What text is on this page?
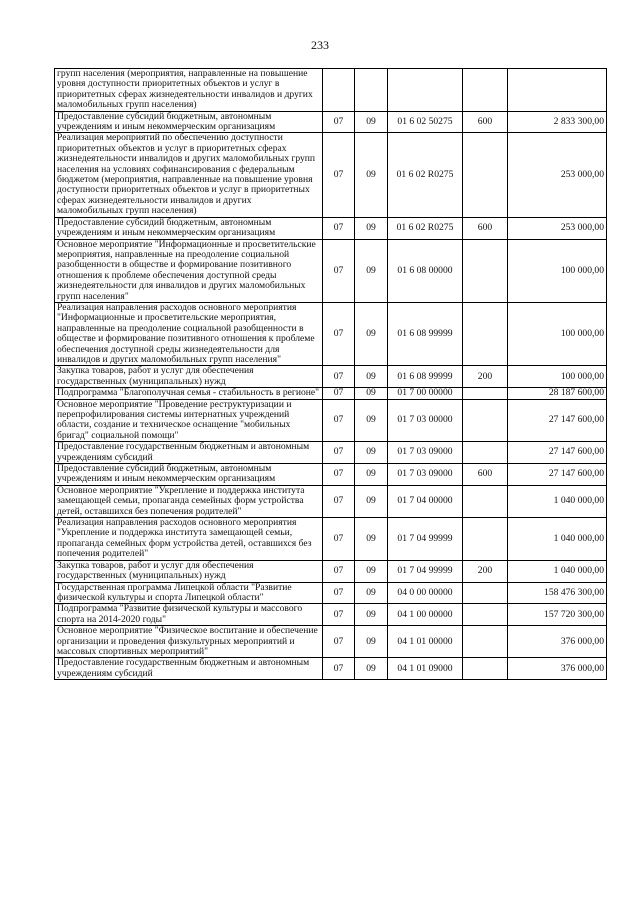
233
групп населения (мероприятия, направленные на повышение уровня доступности приоритетных объектов и услуг в приоритетных сферах жизнедеятельности инвалидов и других маломобильных групп населения)					
Предоставление субсидий бюджетным, автономным учреждениям и иным некоммерческим организациям	07	09	01 6 02 50275	600	2 833 300,00
Реализация мероприятий по обеспечению доступности приоритетных объектов и услуг в приоритетных сферах жизнедеятельности инвалидов и других маломобильных групп населения на условиях софинансирования с федеральным бюджетом (мероприятия, направленные на повышение уровня доступности приоритетных объектов и услуг в приоритетных сферах жизнедеятельности инвалидов и других маломобильных групп населения)	07	09	01 6 02 R0275		253 000,00
Предоставление субсидий бюджетным, автономным учреждениям и иным некоммерческим организациям	07	09	01 6 02 R0275	600	253 000,00
Основное мероприятие "Информационные и просветительские мероприятия, направленные на преодоление социальной разобщенности в обществе и формирование позитивного отношения к проблеме обеспечения доступной среды жизнедеятельности для инвалидов и других маломобильных групп населения"	07	09	01 6 08 00000		100 000,00
Реализация направления расходов основного мероприятия "Информационные и просветительские мероприятия, направленные на преодоление социальной разобщенности в обществе и формирование позитивного отношения к проблеме обеспечения доступной среды жизнедеятельности для инвалидов и других маломобильных групп населения"	07	09	01 6 08 99999		100 000,00
Закупка товаров, работ и услуг для обеспечения государственных (муниципальных) нужд	07	09	01 6 08 99999	200	100 000,00
Подпрограмма "Благополучная семья - стабильность в регионе"	07	09	01 7 00 00000		28 187 600,00
Основное мероприятие "Проведение реструктуризации и перепрофилирования системы интернатных учреждений области, создание и техническое оснащение "мобильных бригад" социальной помощи"	07	09	01 7 03 00000		27 147 600,00
Предоставление государственным бюджетным и автономным учреждениям субсидий	07	09	01 7 03 09000		27 147 600,00
Предоставление субсидий бюджетным, автономным учреждениям и иным некоммерческим организациям	07	09	01 7 03 09000	600	27 147 600,00
Основное мероприятие "Укрепление и поддержка института замещающей семьи, пропаганда семейных форм устройства детей, оставшихся без попечения родителей"	07	09	01 7 04 00000		1 040 000,00
Реализация направления расходов основного мероприятия "Укрепление и поддержка института замещающей семьи, пропаганда семейных форм устройства детей, оставшихся без попечения родителей"	07	09	01 7 04 99999		1 040 000,00
Закупка товаров, работ и услуг для обеспечения государственных (муниципальных) нужд	07	09	01 7 04 99999	200	1 040 000,00
Государственная программа Липецкой области "Развитие физической культуры и спорта Липецкой области"	07	09	04 0 00 00000		158 476 300,00
Подпрограмма "Развитие физической культуры и массового спорта на 2014-2020 годы"	07	09	04 1 00 00000		157 720 300,00
Основное мероприятие "Физическое воспитание и обеспечение организации и проведения физкультурных мероприятий и массовых спортивных мероприятий"	07	09	04 1 01 00000		376 000,00
Предоставление государственным бюджетным и автономным учреждениям субсидий	07	09	04 1 01 09000		376 000,00
